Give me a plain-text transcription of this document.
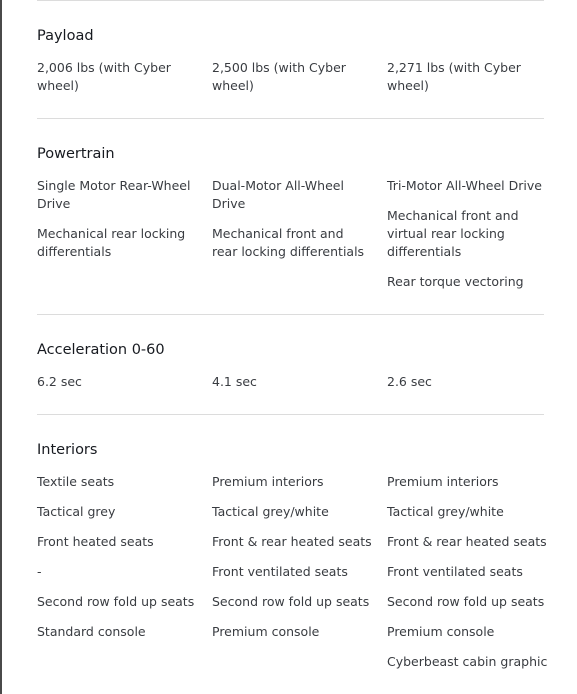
Payload
2,006 lbs (with Cyber wheel)
2,500 lbs (with Cyber wheel)
2,271 lbs (with Cyber wheel)
Powertrain
Single Motor Rear-Wheel Drive
Mechanical rear locking differentials
Dual-Motor All-Wheel Drive
Mechanical front and rear locking differentials
Tri-Motor All-Wheel Drive
Mechanical front and virtual rear locking differentials
Rear torque vectoring
Acceleration 0-60
6.2 sec	4.1 sec	2.6 sec
Interiors
Textile seats
Tactical grey
Front heated seats
-
Second row fold up seats
Standard console
Premium interiors
Tactical grey/white
Front & rear heated seats
Front ventilated seats
Second row fold up seats
Premium console
Premium interiors
Tactical grey/white
Front & rear heated seats
Front ventilated seats
Second row fold up seats
Premium console
Cyberbeast cabin graphic
